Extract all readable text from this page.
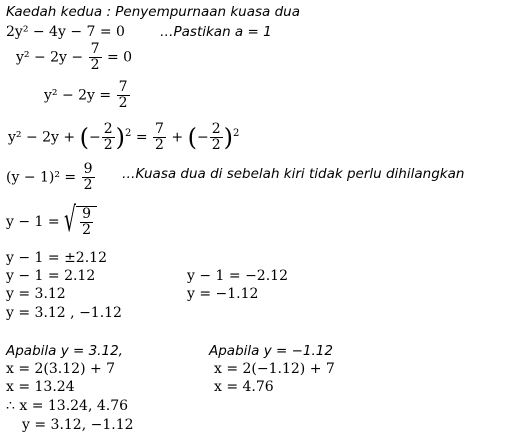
Kaedah kedua : Penyempurnaan kuasa dua
2y² − 4y − 7 = 0	…Pastikan a = 1
$y^2 - 2y - \frac{7}{2} = 0$
$y^2 - 2y = \frac{7}{2}$
y² − 2y + (− $\frac{2}{2} )^2 = \frac{7}{2}$ + (− $\frac{2}{2} )^2$
$(y - 1)^2 = \frac{9}{2}$ …Kuasa dua di sebelah kiri tidak perlu dihilangkan
y − 1 = √ $\frac{9}{2}$
y − 1 = ±2.12
y − 1 = 2.12	y − 1 = −2.12
y = 3.12	y = −1.12
y = 3.12 , −1.12
Apabila y = 3.12,
x = 2(3.12) + 7
x = 13.24
Apabila y = −1.12
x = 2(−1.12) + 7
x = 4.76
∴ x = 13.24, 4.76
y = 3.12, −1.12
